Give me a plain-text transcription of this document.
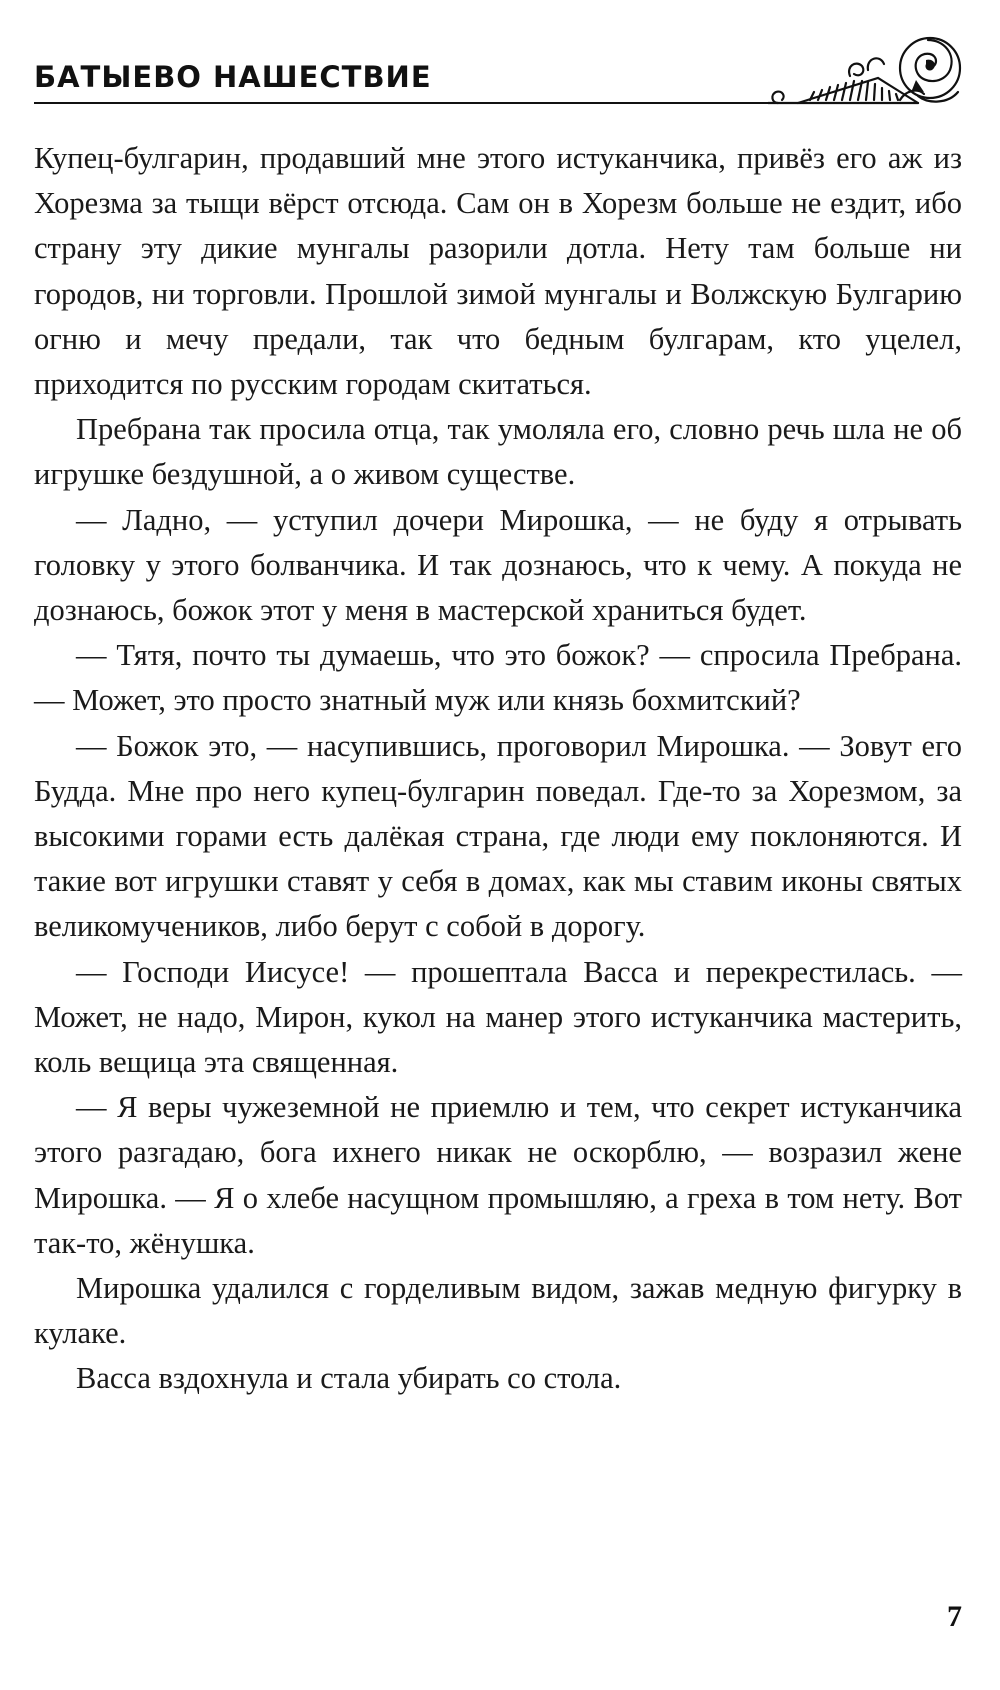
БАТЫЕВО НАШЕСТВИЕ

Купец-булгарин, продавший мне этого истуканчика, привёз его аж из Хорезма за тыщи вёрст отсюда. Сам он в Хорезм больше не ездит, ибо страну эту дикие мунгалы разорили дотла. Нету там больше ни городов, ни торговли. Прошлой зимой мунгалы и Волжскую Булгарию огню и мечу предали, так что бедным булгарам, кто уцелел, приходится по русским городам скитаться.

Пребрана так просила отца, так умоляла его, словно речь шла не об игрушке бездушной, а о живом существе.

— Ладно, — уступил дочери Мирошка, — не буду я отрывать головку у этого болванчика. И так дознаюсь, что к чему. А покуда не дознаюсь, божок этот у меня в мастерской храниться будет.

— Тятя, почто ты думаешь, что это божок? — спросила Пребрана. — Может, это просто знатный муж или князь бохмитский?

— Божок это, — насупившись, проговорил Мирошка. — Зовут его Будда. Мне про него купец-булгарин поведал. Где-то за Хорезмом, за высокими горами есть далёкая страна, где люди ему поклоняются. И такие вот игрушки ставят у себя в домах, как мы ставим иконы святых великомучеников, либо берут с собой в дорогу.

— Господи Иисусе! — прошептала Васса и перекрестилась. — Может, не надо, Мирон, кукол на манер этого истуканчика мастерить, коль вещица эта священная.

— Я веры чужеземной не приемлю и тем, что секрет истуканчика этого разгадаю, бога ихнего никак не оскорблю, — возразил жене Мирошка. — Я о хлебе насущном промышляю, а греха в том нету. Вот так-то, жёнушка.

Мирошка удалился с горделивым видом, зажав медную фигурку в кулаке.

Васса вздохнула и стала убирать со стола.

7
